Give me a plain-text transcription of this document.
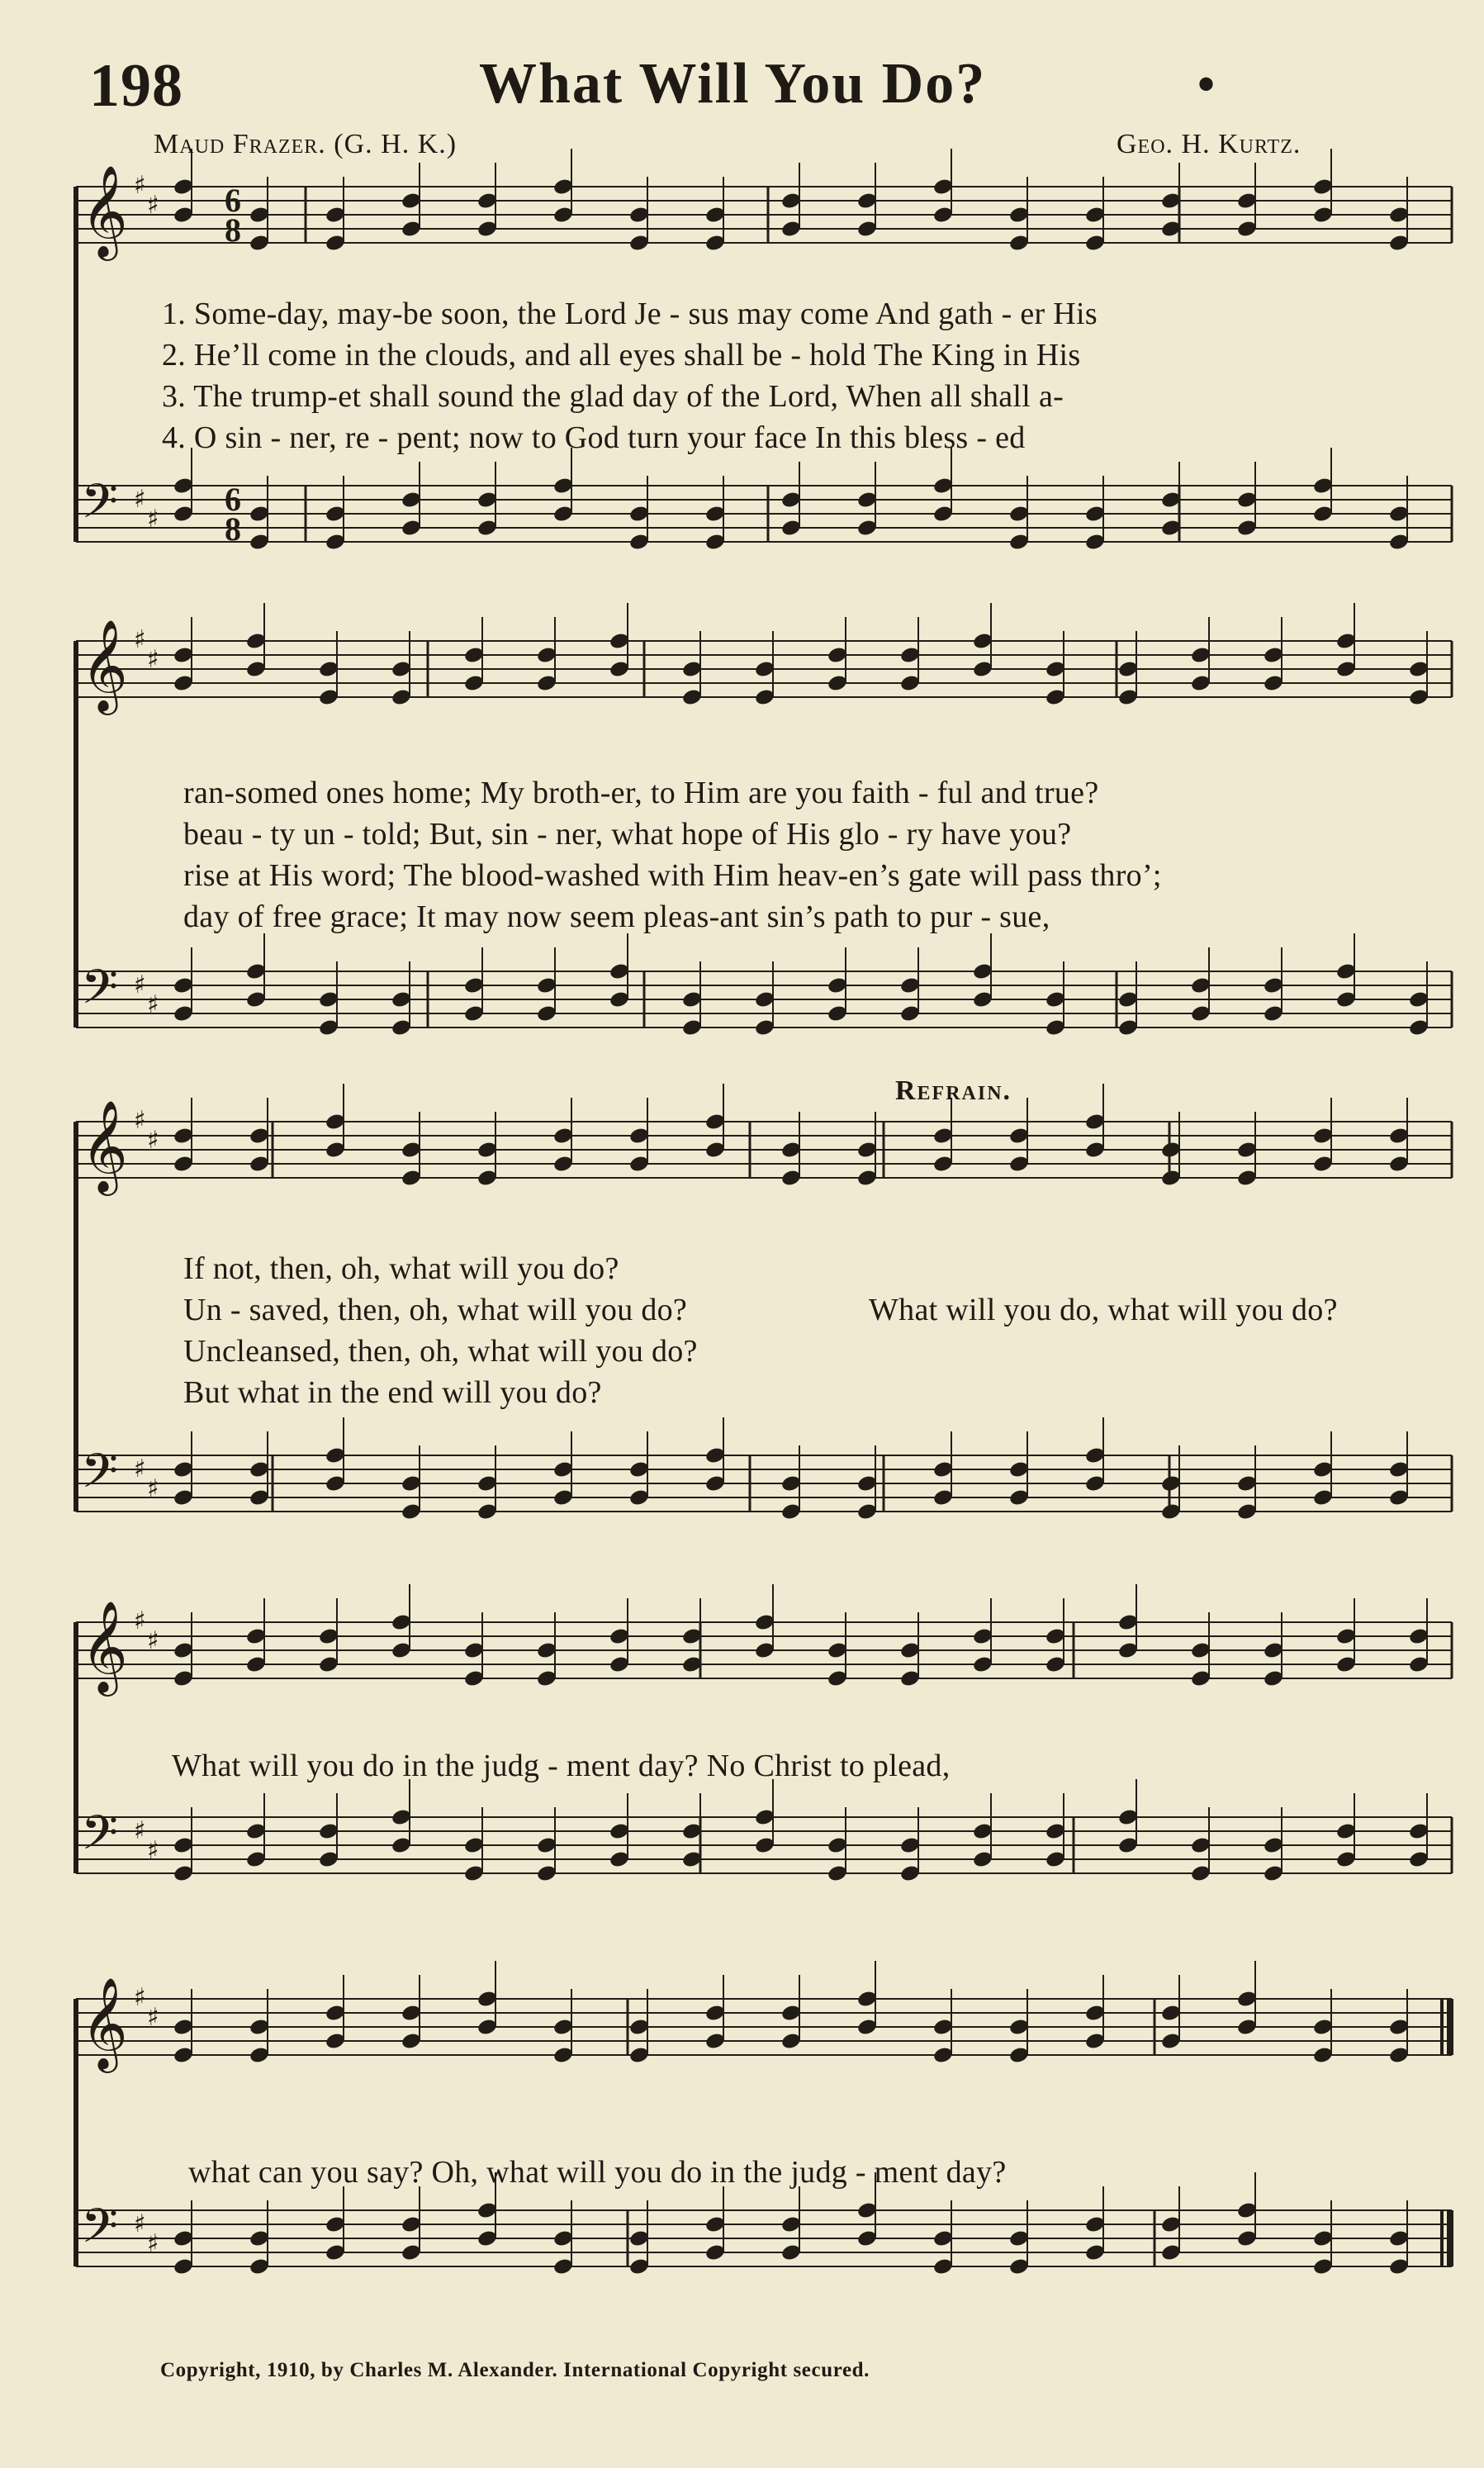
198	What Will You Do?	•
Maud Frazer. (G. H. K.)	Geo. H. Kurtz.
𝄞 ♯
♯
𝄢 ♯
♯
𝄞 ♯
♯
𝄢 ♯
♯
𝄞 ♯
♯
𝄢 ♯
♯
𝄞 ♯
♯
𝄢 ♯
♯
𝄞 ♯
♯
𝄢 ♯
♯
6
8
6
8
1. Some-day, may-be soon, the Lord Je - sus may come And gath - er His
2. He’ll come in the clouds, and all eyes shall be - hold The King in His
3. The trump-et shall sound the glad day of the Lord, When all shall a-
4. O sin - ner, re - pent; now to God turn your face In this bless - ed
ran-somed ones home; My broth-er, to Him are you faith - ful and true?
beau - ty un - told; But, sin - ner, what hope of His glo - ry have you?
rise at His word; The blood-washed with Him heav-en’s gate will pass thro’;
day of free grace; It may now seem pleas-ant sin’s path to pur - sue,
Refrain.
If not, then, oh, what will you do?
Un - saved, then, oh, what will you do?
Uncleansed, then, oh, what will you do?
But what in the end will you do?
What will you do, what will you do?
What will you do in the judg - ment day? No Christ to plead,
what can you say? Oh, what will you do in the judg - ment day?
Copyright, 1910, by Charles M. Alexander. International Copyright secured.
